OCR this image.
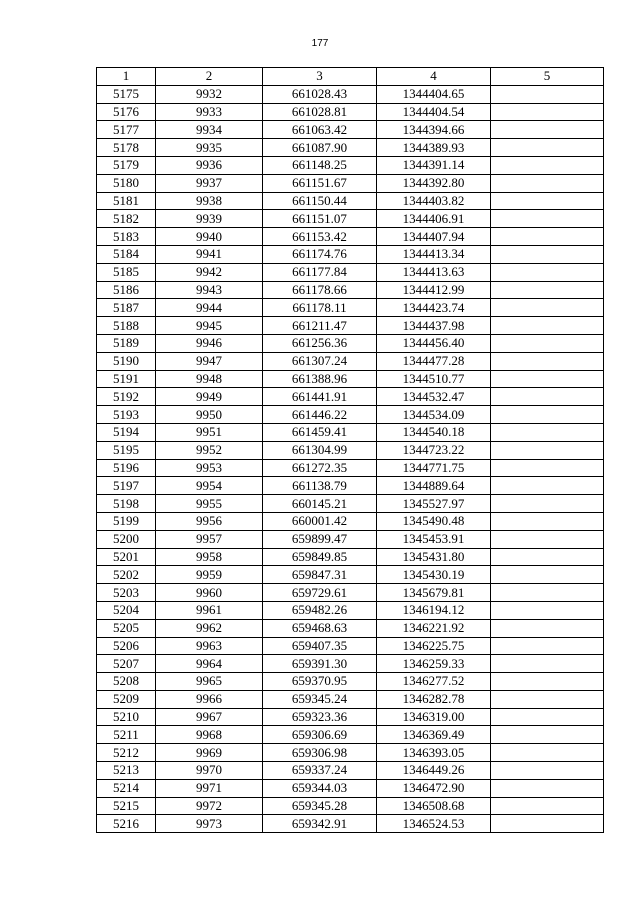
177
1	2	3	4	5
5175	9932	661028.43	1344404.65	
5176	9933	661028.81	1344404.54	
5177	9934	661063.42	1344394.66	
5178	9935	661087.90	1344389.93	
5179	9936	661148.25	1344391.14	
5180	9937	661151.67	1344392.80	
5181	9938	661150.44	1344403.82	
5182	9939	661151.07	1344406.91	
5183	9940	661153.42	1344407.94	
5184	9941	661174.76	1344413.34	
5185	9942	661177.84	1344413.63	
5186	9943	661178.66	1344412.99	
5187	9944	661178.11	1344423.74	
5188	9945	661211.47	1344437.98	
5189	9946	661256.36	1344456.40	
5190	9947	661307.24	1344477.28	
5191	9948	661388.96	1344510.77	
5192	9949	661441.91	1344532.47	
5193	9950	661446.22	1344534.09	
5194	9951	661459.41	1344540.18	
5195	9952	661304.99	1344723.22	
5196	9953	661272.35	1344771.75	
5197	9954	661138.79	1344889.64	
5198	9955	660145.21	1345527.97	
5199	9956	660001.42	1345490.48	
5200	9957	659899.47	1345453.91	
5201	9958	659849.85	1345431.80	
5202	9959	659847.31	1345430.19	
5203	9960	659729.61	1345679.81	
5204	9961	659482.26	1346194.12	
5205	9962	659468.63	1346221.92	
5206	9963	659407.35	1346225.75	
5207	9964	659391.30	1346259.33	
5208	9965	659370.95	1346277.52	
5209	9966	659345.24	1346282.78	
5210	9967	659323.36	1346319.00	
5211	9968	659306.69	1346369.49	
5212	9969	659306.98	1346393.05	
5213	9970	659337.24	1346449.26	
5214	9971	659344.03	1346472.90	
5215	9972	659345.28	1346508.68	
5216	9973	659342.91	1346524.53	
